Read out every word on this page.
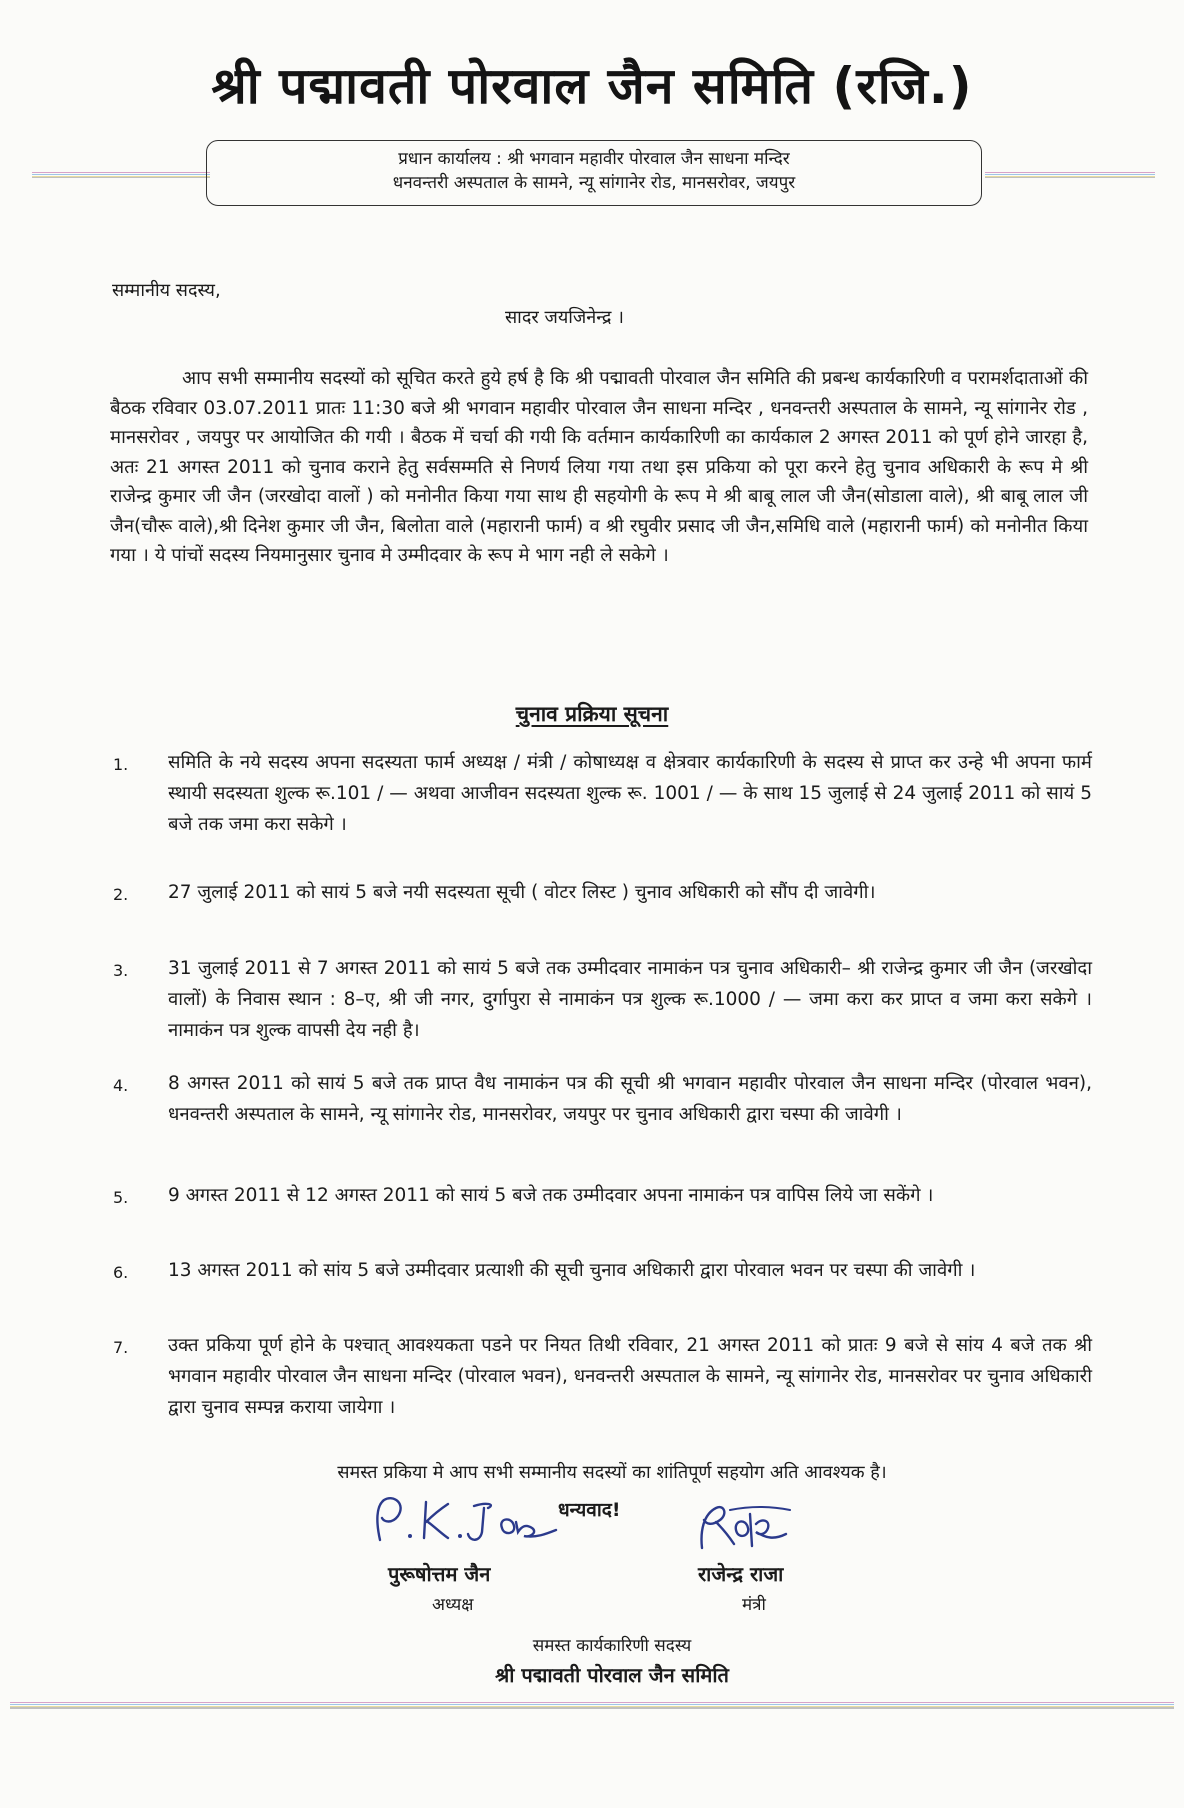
श्री पद्मावती पोरवाल जैन समिति (रजि.)
प्रधान कार्यालय : श्री भगवान महावीर पोरवाल जैन साधना मन्दिर
धनवन्तरी अस्पताल के सामने, न्यू सांगानेर रोड, मानसरोवर, जयपुर
सम्मानीय सदस्य,
सादर जयजिनेन्द्र ।
आप सभी सम्मानीय सदस्यों को सूचित करते हुये हर्ष है कि श्री पद्मावती पोरवाल जैन समिति की प्रबन्ध कार्यकारिणी व परामर्शदाताओं की बैठक रविवार 03.07.2011 प्रातः 11:30 बजे श्री भगवान महावीर पोरवाल जैन साधना मन्दिर , धनवन्तरी अस्पताल के सामने, न्यू सांगानेर रोड , मानसरोवर , जयपुर पर आयोजित की गयी । बैठक में चर्चा की गयी कि वर्तमान कार्यकारिणी का कार्यकाल 2 अगस्त 2011 को पूर्ण होने जारहा है, अतः 21 अगस्त 2011 को चुनाव कराने हेतु सर्वसम्मति से निणर्य लिया गया तथा इस प्रकिया को पूरा करने हेतु चुनाव अधिकारी के रूप मे श्री राजेन्द्र कुमार जी जैन (जरखोदा वालों ) को मनोनीत किया गया साथ ही सहयोगी के रूप मे श्री बाबू लाल जी जैन(सोडाला वाले), श्री बाबू लाल जी जैन(चौरू वाले),श्री दिनेश कुमार जी जैन, बिलोता वाले (महारानी फार्म) व श्री रघुवीर प्रसाद जी जैन,समिधि वाले (महारानी फार्म) को मनोनीत किया गया । ये पांचों सदस्य नियमानुसार चुनाव मे उम्मीदवार के रूप मे भाग नही ले सकेगे ।
चुनाव प्रक्रिया सूचना
1. समिति के नये सदस्य अपना सदस्यता फार्म अध्यक्ष / मंत्री / कोषाध्यक्ष व क्षेत्रवार कार्यकारिणी के सदस्य से प्राप्त कर उन्हे भी अपना फार्म स्थायी सदस्यता शुल्क रू.101 / — अथवा आजीवन सदस्यता शुल्क रू. 1001 / — के साथ 15 जुलाई से 24 जुलाई 2011 को सायं 5 बजे तक जमा करा सकेगे ।
2. 27 जुलाई 2011 को सायं 5 बजे नयी सदस्यता सूची ( वोटर लिस्ट ) चुनाव अधिकारी को सौंप दी जावेगी।
3. 31 जुलाई 2011 से 7 अगस्त 2011 को सायं 5 बजे तक उम्मीदवार नामाकंन पत्र चुनाव अधिकारी– श्री राजेन्द्र कुमार जी जैन (जरखोदा वालों) के निवास स्थान : 8–ए, श्री जी नगर, दुर्गापुरा से नामाकंन पत्र शुल्क रू.1000 / — जमा करा कर प्राप्त व जमा करा सकेगे । नामाकंन पत्र शुल्क वापसी देय नही है।
4. 8 अगस्त 2011 को सायं 5 बजे तक प्राप्त वैध नामाकंन पत्र की सूची श्री भगवान महावीर पोरवाल जैन साधना मन्दिर (पोरवाल भवन), धनवन्तरी अस्पताल के सामने, न्यू सांगानेर रोड, मानसरोवर, जयपुर पर चुनाव अधिकारी द्वारा चस्पा की जावेगी ।
5. 9 अगस्त 2011 से 12 अगस्त 2011 को सायं 5 बजे तक उम्मीदवार अपना नामाकंन पत्र वापिस लिये जा सकेंगे ।
6. 13 अगस्त 2011 को सांय 5 बजे उम्मीदवार प्रत्याशी की सूची चुनाव अधिकारी द्वारा पोरवाल भवन पर चस्पा की जावेगी ।
7. उक्त प्रकिया पूर्ण होने के पश्चात् आवश्यकता पडने पर नियत तिथी रविवार, 21 अगस्त 2011 को प्रातः 9 बजे से सांय 4 बजे तक श्री भगवान महावीर पोरवाल जैन साधना मन्दिर (पोरवाल भवन), धनवन्तरी अस्पताल के सामने, न्यू सांगानेर रोड, मानसरोवर पर चुनाव अधिकारी द्वारा चुनाव सम्पन्न कराया जायेगा ।
समस्त प्रकिया मे आप सभी सम्मानीय सदस्यों का शांतिपूर्ण सहयोग अति आवश्यक है।
धन्यवाद!
पुरूषोत्तम जैन
अध्यक्ष
राजेन्द्र राजा
मंत्री
समस्त कार्यकारिणी सदस्य
श्री पद्मावती पोरवाल जैन समिति
